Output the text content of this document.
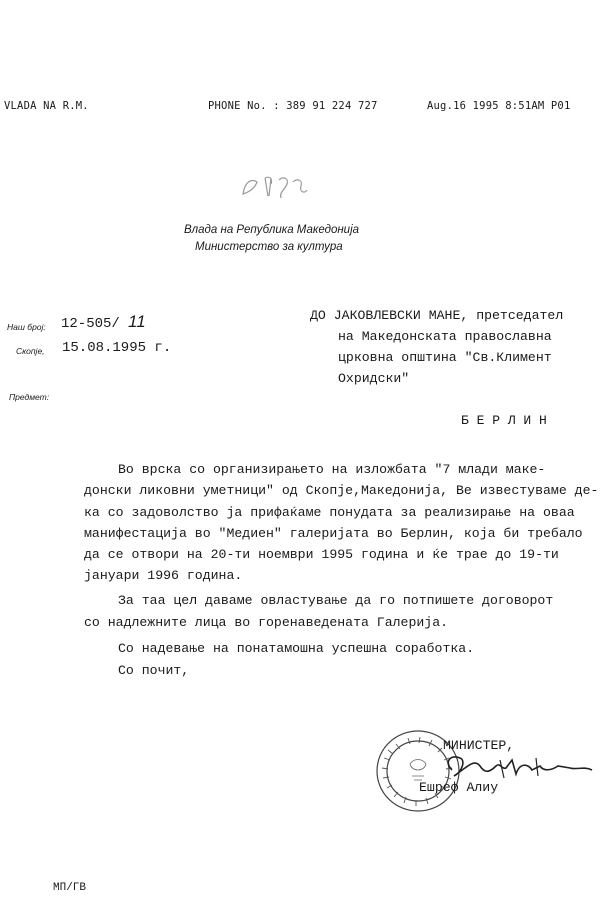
VLADA NA R.M.	PHONE No. : 389 91 224 727	Aug.16 1995 8:51AM P01
Влада на Република Македонија
Министерство за култура
Наш број: 12-505/ 11
Скопје, 15.08.1995 г.
ДО ЈАКОВЛЕВСКИ МАНЕ, претседател
на Македонската православна
црковна општина "Св.Климент
Охридски"
Предмет:
Б Е Р Л И Н
Во врска со организирањето на изложбата "7 млади маке-
донски ликовни уметници" од Скопје,Македонија, Ве известуваме де-
ка со задоволство ја прифаќаме понудата за реализирање на оваа
манифестација во "Медиен" галеријата во Берлин, која би требало
да се отвори на 20-ти ноември 1995 година и ќе трае до 19-ти
јануари 1996 година.
За таа цел даваме овластување да го потпишете договорот
со надлежните лица во горенаведената Галерија.
Со надевање на понатамошна успешна соработка.
Со почит,
МИНИСТЕР,
Ешреф Алиу
МП/ГВ
